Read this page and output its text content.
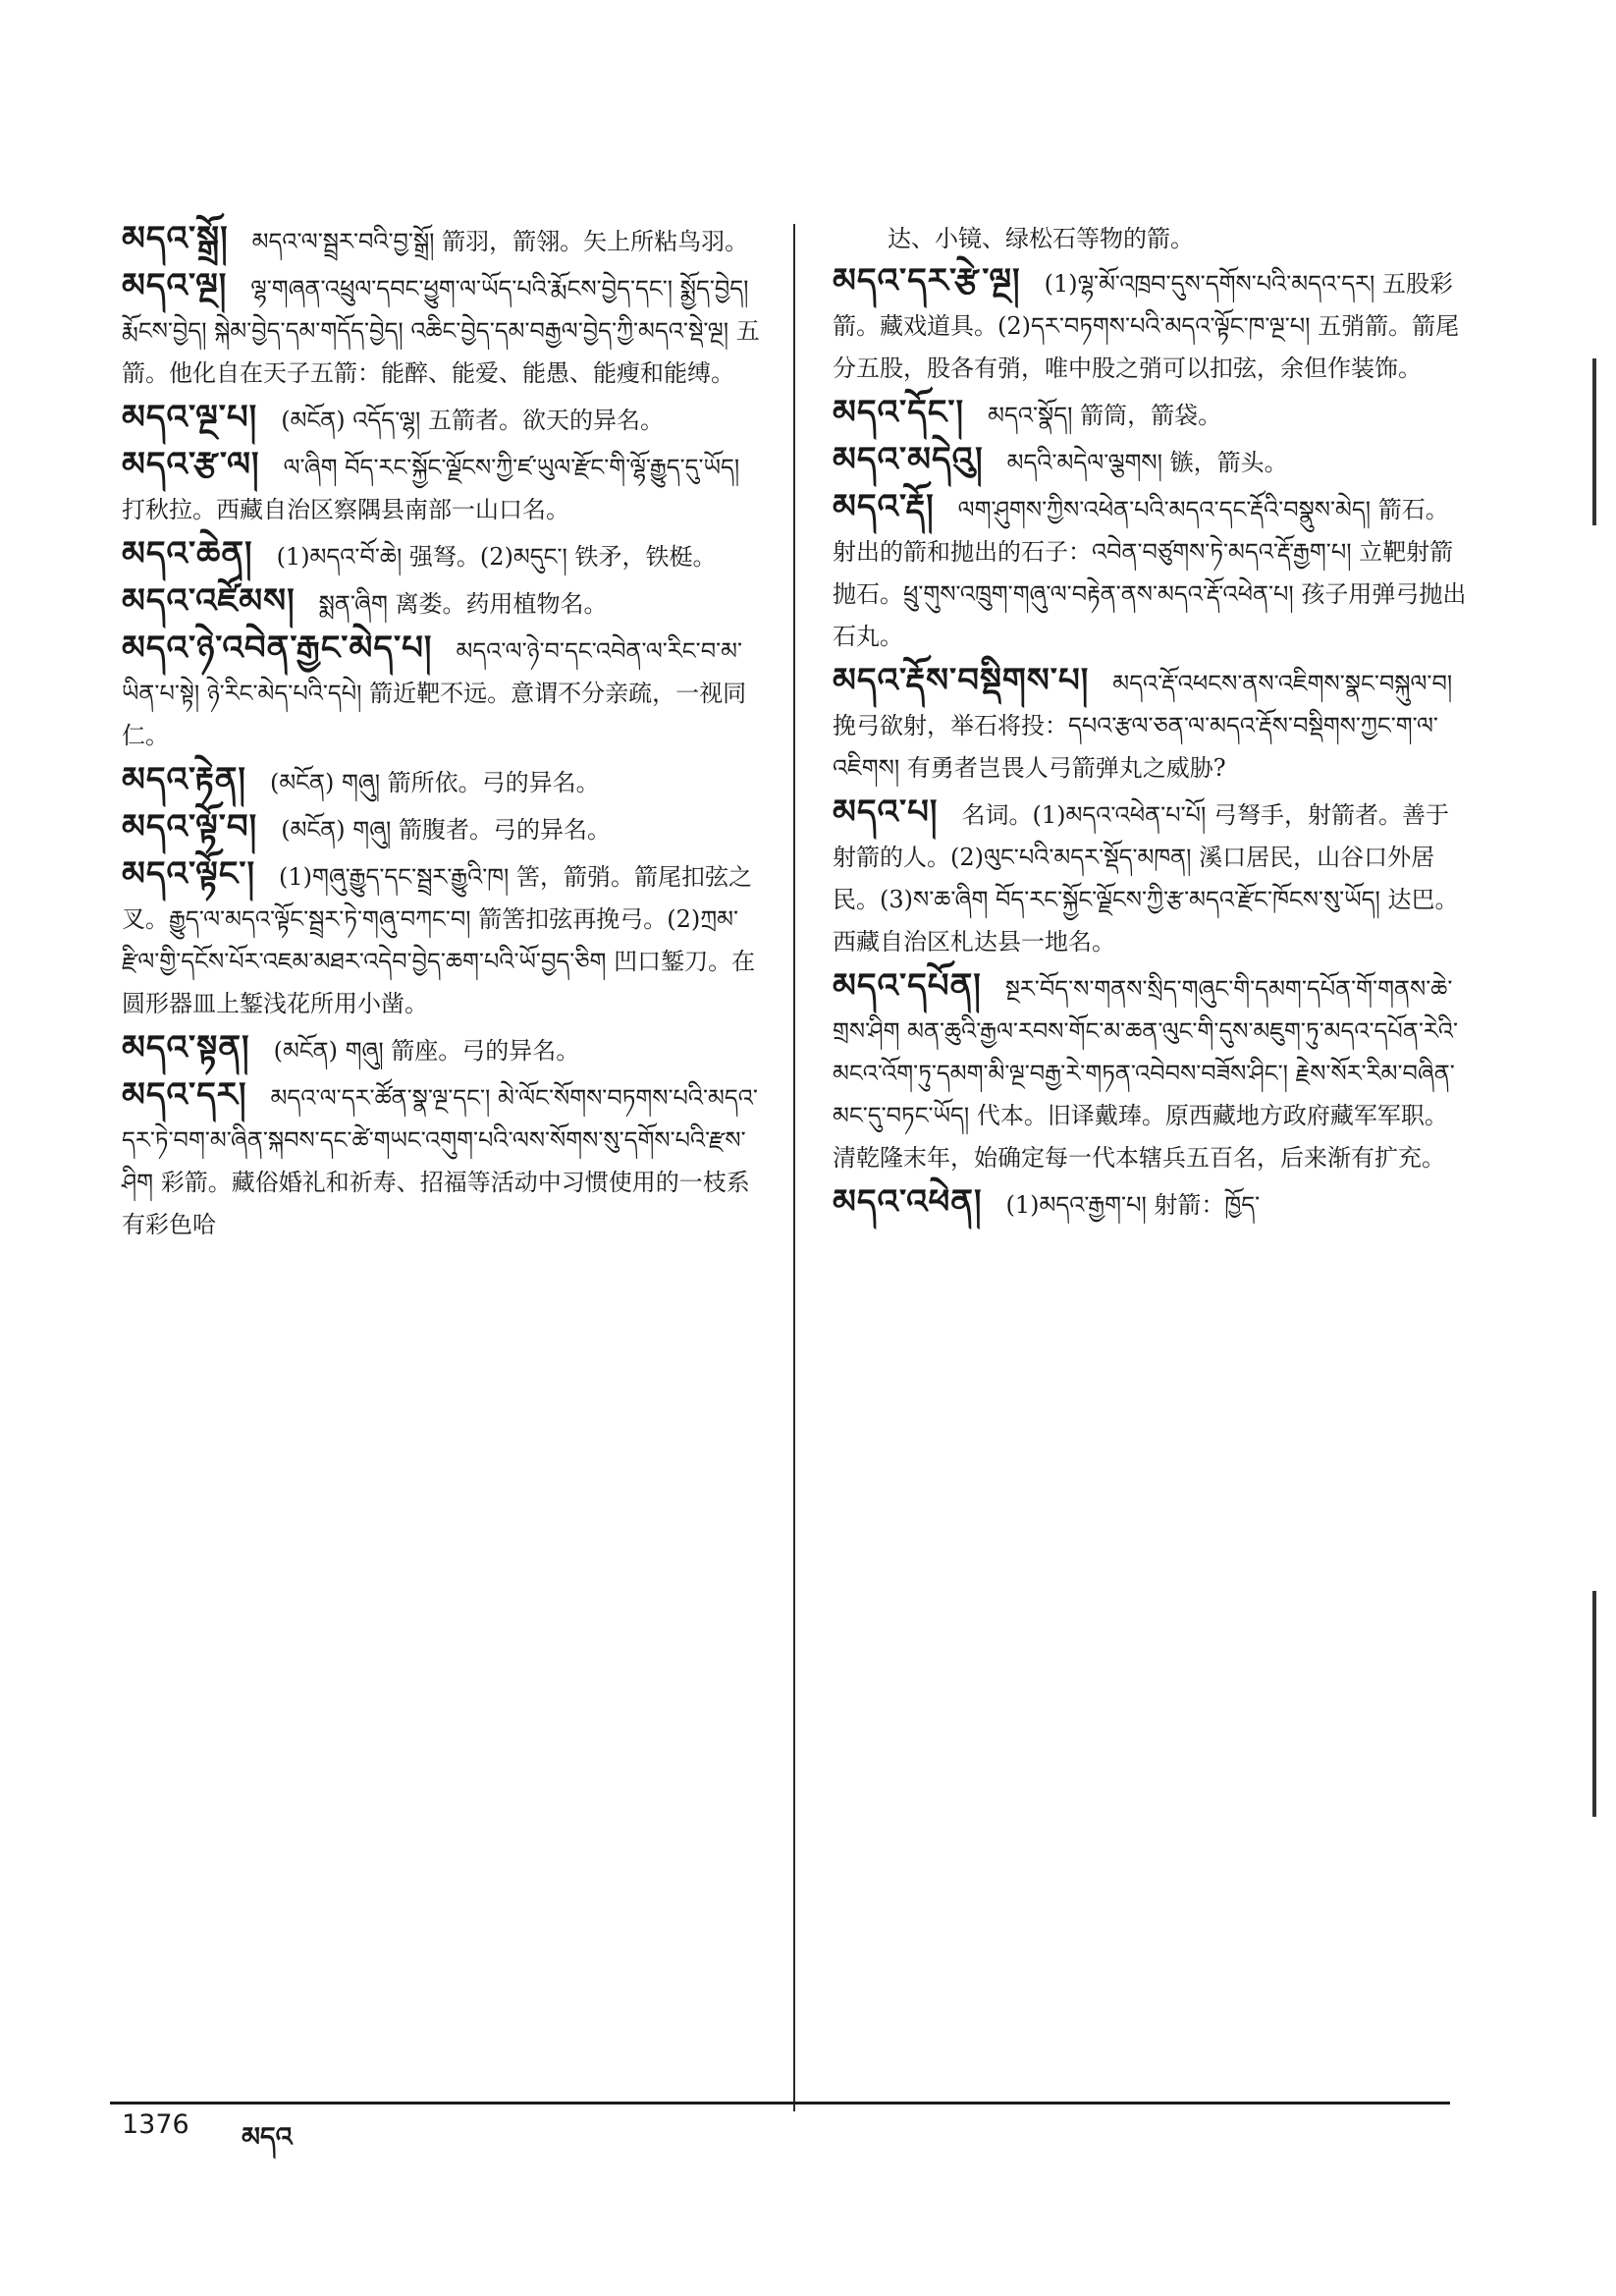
མདའ་སྒྲོ།  མདའ་ལ་སྦྲར་བའི་བྱ་སྒྲོ། 箭羽，箭翎。矢上所粘鸟羽。
མདའ་ལྔ།  ལྷ་གཞན་འཕྲུལ་དབང་ཕྱུག་ལ་ཡོད་པའི་རྨོངས་བྱེད་དང་། སྨྱོད་བྱེད། རྨོངས་བྱེད། སྐེམ་བྱེད་དམ་གདོད་བྱེད། འཆིང་བྱེད་དམ་བརྒྱལ་བྱེད་ཀྱི་མདའ་སྡེ་ལྔ། 五箭。他化自在天子五箭：能醉、能爱、能愚、能瘦和能缚。
མདའ་ལྔ་པ།  (མངོན) འདོད་ལྷ། 五箭者。欲天的异名。
མདའ་རྩ་ལ།  ལ་ཞིག བོད་རང་སྐྱོང་ལྗོངས་ཀྱི་ཛ་ཡུལ་རྫོང་གི་ལྷོ་རྒྱུད་དུ་ཡོད། 打秋拉。西藏自治区察隅县南部一山口名。
མདའ་ཆེན།  (1)མདའ་བོ་ཆེ། 强弩。(2)མདུང་། 铁矛，铁梃。
མདའ་འཛོམས།  སྨན་ཞིག 离娄。药用植物名。
མདའ་ཉེ་འབེན་རྒྱང་མེད་པ།  མདའ་ལ་ཉེ་བ་དང་འབེན་ལ་རིང་བ་མ་ཡིན་པ་སྟེ། ཉེ་རིང་མེད་པའི་དཔེ། 箭近靶不远。意谓不分亲疏，一视同仁。
མདའ་རྟེན།  (མངོན) གཞུ། 箭所依。弓的异名。
མདའ་ལྟོ་བ།  (མངོན) གཞུ། 箭腹者。弓的异名。
མདའ་ལྟོང་།  (1)གཞུ་རྒྱུད་དང་སྦྲར་རྒྱུའི་ཁ། 筈，箭弰。箭尾扣弦之叉。རྒྱུད་ལ་མདའ་ལྟོང་སྦྲར་ཏེ་གཞུ་བཀང་བ། 箭筈扣弦再挽弓。(2)ཀྲམ་རྫིལ་གྱི་དངོས་པོར་འཇམ་མཐར་འདེབ་བྱེད་ཆག་པའི་ཡོ་བྱད་ཅིག 凹口錾刀。在圆形器皿上錾浅花所用小凿。
མདའ་སྟན།  (མངོན) གཞུ། 箭座。弓的异名。
མདའ་དར།  མདའ་ལ་དར་ཚོན་སྣ་ལྔ་དང་། མེ་ལོང་སོགས་བཏགས་པའི་མདའ་དར་ཏེ་བག་མ་ཞིན་སྐབས་དང་ཚེ་གཡང་འགུག་པའི་ལས་སོགས་སུ་དགོས་པའི་རྫས་ཤིག 彩箭。藏俗婚礼和祈寿、招福等活动中习惯使用的一枝系有彩色哈
达、小镜、绿松石等物的箭。
མདའ་དར་རྩེ་ལྔ།  (1)ལྷ་མོ་འཁྲབ་དུས་དགོས་པའི་མདའ་དར། 五股彩箭。藏戏道具。(2)དར་བཏགས་པའི་མདའ་ལྟོང་ཁ་ལྔ་པ། 五弰箭。箭尾分五股，股各有弰，唯中股之弰可以扣弦，余但作装饰。
མདའ་དོང་།  མདའ་སྣོད། 箭筒，箭袋。
མདའ་མདེའུ།  མདའི་མདེལ་ལྕགས། 镞，箭头。
མདའ་རྡོ།  ལག་ཤུགས་ཀྱིས་འཕེན་པའི་མདའ་དང་རྡོའི་བསྣུས་མེད། 箭石。射出的箭和抛出的石子：འབེན་བཙུགས་ཏེ་མདའ་རྡོ་རྒྱག་པ། 立靶射箭抛石。ཕྲུ་གུས་འཁྲུག་གཞུ་ལ་བརྟེན་ནས་མདའ་རྡོ་འཕེན་པ། 孩子用弹弓抛出石丸。
མདའ་རྡོས་བསྡིགས་པ།  མདའ་རྡོ་འཕངས་ནས་འཇིགས་སྣང་བསྐུལ་བ། 挽弓欲射，举石将投：དཔའ་རྩལ་ཅན་ལ་མདའ་རྡོས་བསྡིགས་ཀྱང་ག་ལ་འཇིགས། 有勇者岂畏人弓箭弹丸之威胁?
མདའ་པ།  名词。(1)མདའ་འཕེན་པ་པོ། 弓弩手，射箭者。善于射箭的人。(2)ལུང་པའི་མདར་སྡོད་མཁན། 溪口居民，山谷口外居民。(3)ས་ཆ་ཞིག བོད་རང་སྐྱོང་ལྗོངས་ཀྱི་རྩ་མདའ་རྫོང་ཁོངས་སུ་ཡོད། 达巴。西藏自治区札达县一地名。
མདའ་དཔོན།  སྔར་བོད་ས་གནས་སྲིད་གཞུང་གི་དམག་དཔོན་གོ་གནས་ཆེ་གྲས་ཤིག མན་ཆུའི་རྒྱལ་རབས་གོང་མ་ཆན་ལུང་གི་དུས་མཇུག་ཏུ་མདའ་དཔོན་རེའི་མངའ་འོག་ཏུ་དམག་མི་ལྔ་བརྒྱ་རེ་གཏན་འབེབས་བཟོས་ཤིང་། རྗེས་སོར་རིམ་བཞིན་མང་དུ་བཏང་ཡོད། 代本。旧译戴琫。原西藏地方政府藏军军职。清乾隆末年，始确定每一代本辖兵五百名，后来渐有扩充。
མདའ་འཕེན།  (1)མདའ་རྒྱག་པ། 射箭：ཁྱོད་
1376 མདའ
